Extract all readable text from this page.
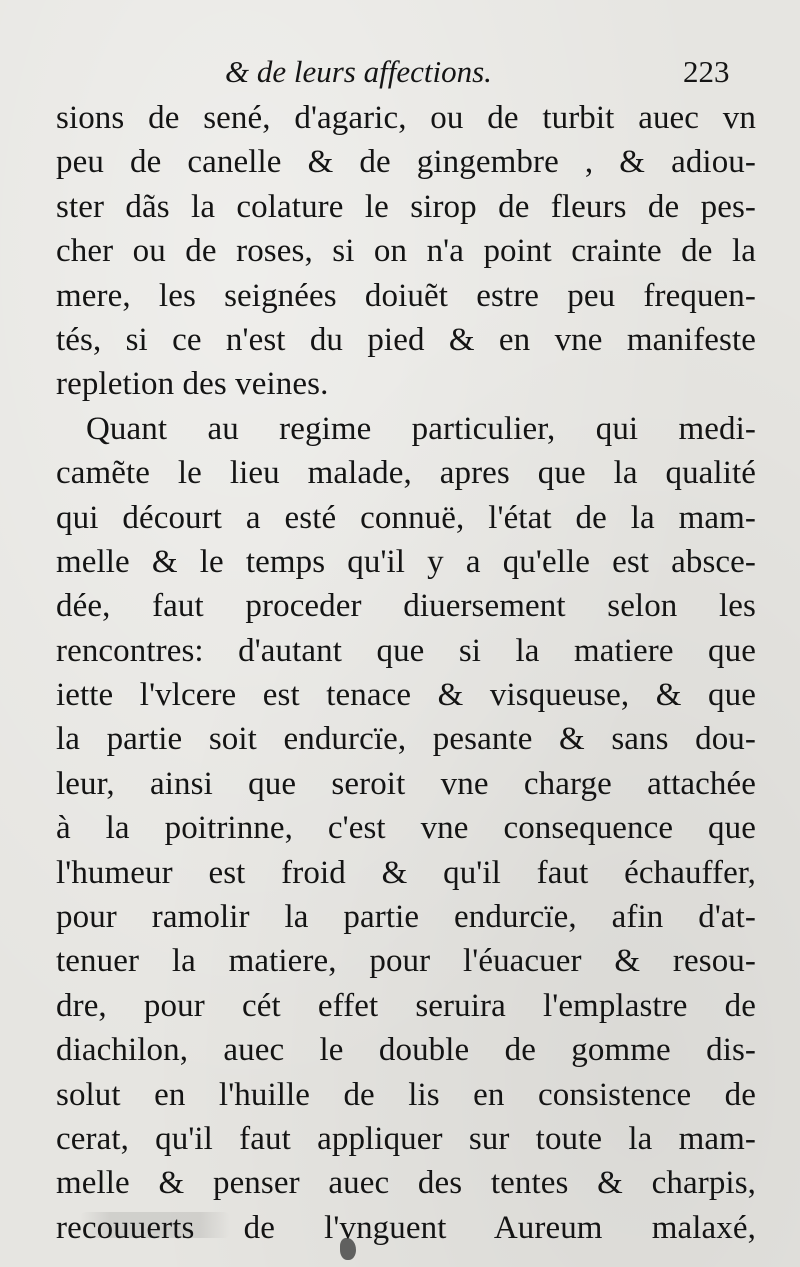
& de leurs affections.	223
sions de sené, d'agaric, ou de turbit auec vn
peu de canelle & de gingembre , & adiou-
ster dãs la colature le sirop de fleurs de pes-
cher ou de roses, si on n'a point crainte de la
mere, les seignées doiuẽt estre peu frequen-
tés, si ce n'est du pied & en vne manifeste
repletion des veines.
Quant au regime particulier, qui medi-
camẽte le lieu malade, apres que la qualité
qui décourt a esté connuë, l'état de la mam-
melle & le temps qu'il y a qu'elle est absce-
dée, faut proceder diuersement selon les
rencontres: d'autant que si la matiere que
iette l'vlcere est tenace & visqueuse, & que
la partie soit endurcïe, pesante & sans dou-
leur, ainsi que seroit vne charge attachée
à la poitrinne, c'est vne consequence que
l'humeur est froid & qu'il faut échauffer,
pour ramolir la partie endurcïe, afin d'at-
tenuer la matiere, pour l'éuacuer & resou-
dre, pour cét effet seruira l'emplastre de
diachilon, auec le double de gomme dis-
solut en l'huille de lis en consistence de
cerat, qu'il faut appliquer sur toute la mam-
melle & penser auec des tentes & charpis,
recouuerts de l'vnguent Aureum malaxé,
